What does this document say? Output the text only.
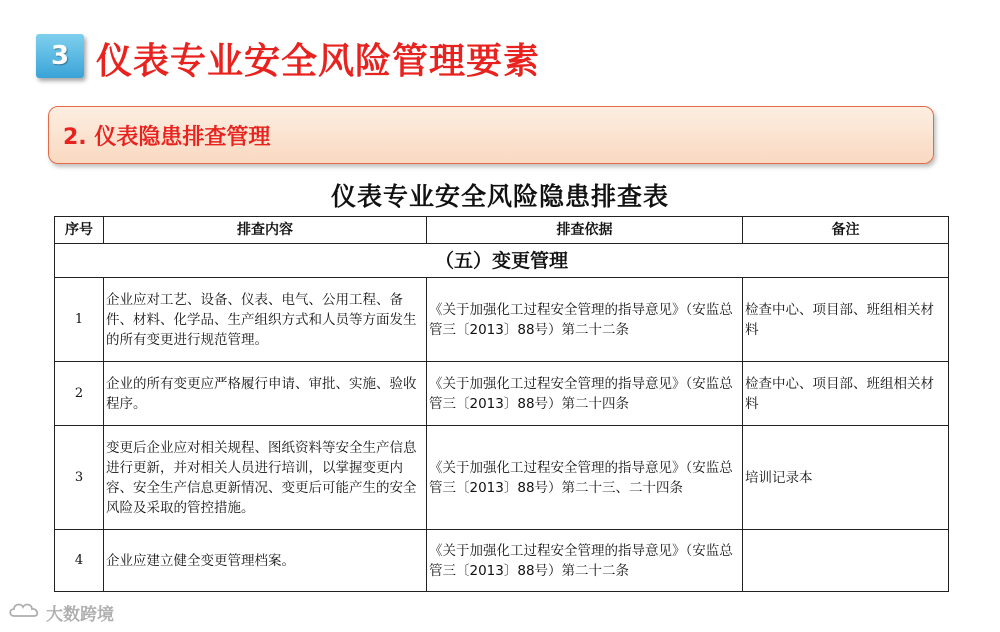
3 仪表专业安全风险管理要素
2. 仪表隐患排查管理
仪表专业安全风险隐患排查表
序号	排查内容	排查依据	备注
（五）变更管理			
1	企业应对工艺、设备、仪表、电气、公用工程、备件、材料、化学品、生产组织方式和人员等方面发生的所有变更进行规范管理。	《关于加强化工过程安全管理的指导意见》（安监总管三〔2013〕88号）第二十二条	检查中心、项目部、班组相关材料
2	企业的所有变更应严格履行申请、审批、实施、验收程序。	《关于加强化工过程安全管理的指导意见》（安监总管三〔2013〕88号）第二十四条	检查中心、项目部、班组相关材料
3	变更后企业应对相关规程、图纸资料等安全生产信息进行更新，并对相关人员进行培训，以掌握变更内容、安全生产信息更新情况、变更后可能产生的安全风险及采取的管控措施。	《关于加强化工过程安全管理的指导意见》（安监总管三〔2013〕88号）第二十三、二十四条	培训记录本
4	企业应建立健全变更管理档案。	《关于加强化工过程安全管理的指导意见》（安监总管三〔2013〕88号）第二十二条	
大数跨境
